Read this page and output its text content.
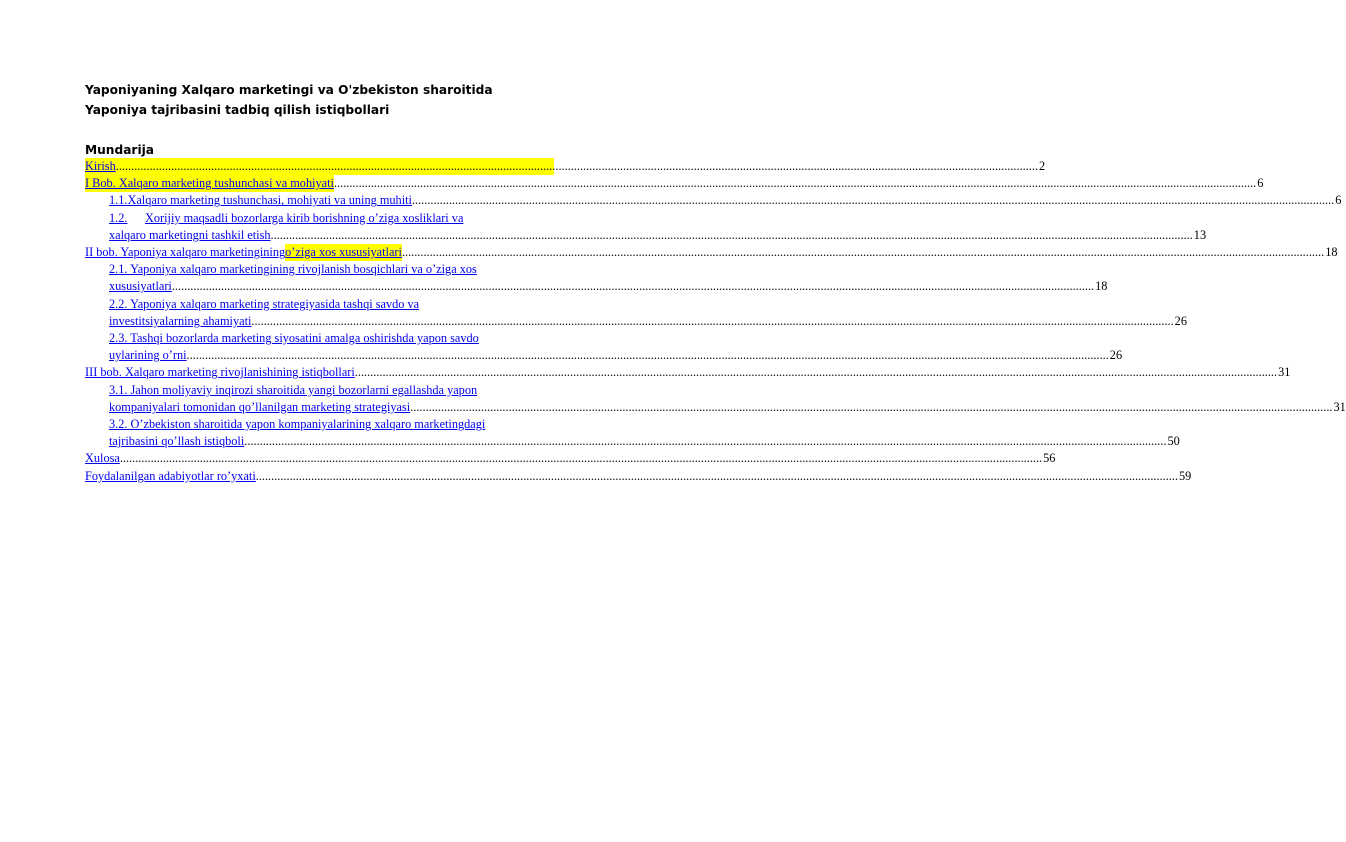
Yaponiyaning Xalqaro marketingi va O'zbekiston sharoitida Yaponiya tajribasini tadbiq qilish istiqbollari
Mundarija
Kirish ............................................................................................................................................................................................................................................................................................................ 2
I Bob. Xalqaro marketing tushunchasi va mohiyati ............................................................................................................................................................................................................................................................................................................ 6
1.1. Xalqaro marketing tushunchasi, mohiyati va uning muhiti ............................................................................................................................................................................................................................................................................................................ 6
1.2.	Xorijiy maqsadli bozorlarga kirib borishning o’ziga xosliklari va
xalqaro marketingni tashkil etish ............................................................................................................................................................................................................................................................................................................ 13
II bob. Yaponiya xalqaro marketingining o’ziga xos xususiyatlari ............................................................................................................................................................................................................................................................................................................ 18
2.1. Yaponiya xalqaro marketingining rivojlanish bosqichlari va o’ziga xos
xususiyatlari ............................................................................................................................................................................................................................................................................................................ 18
2.2. Yaponiya xalqaro marketing strategiyasida tashqi savdo va
investitsiyalarning ahamiyati ............................................................................................................................................................................................................................................................................................................ 26
2.3. Tashqi bozorlarda marketing siyosatini amalga oshirishda yapon savdo
uylarining o’rni ............................................................................................................................................................................................................................................................................................................ 26
III bob. Xalqaro marketing rivojlanishining istiqbollari ............................................................................................................................................................................................................................................................................................................ 31
3.1. Jahon moliyaviy inqirozi sharoitida yangi bozorlarni egallashda yapon
kompaniyalari tomonidan qo’llanilgan marketing strategiyasi ............................................................................................................................................................................................................................................................................................................ 31
3.2. O’zbekiston sharoitida yapon kompaniyalarining xalqaro marketingdagi
tajribasini qo’llash istiqboli ............................................................................................................................................................................................................................................................................................................ 50
Xulosa ............................................................................................................................................................................................................................................................................................................ 56
Foydalanilgan adabiyotlar ro’yxati ............................................................................................................................................................................................................................................................................................................ 59
